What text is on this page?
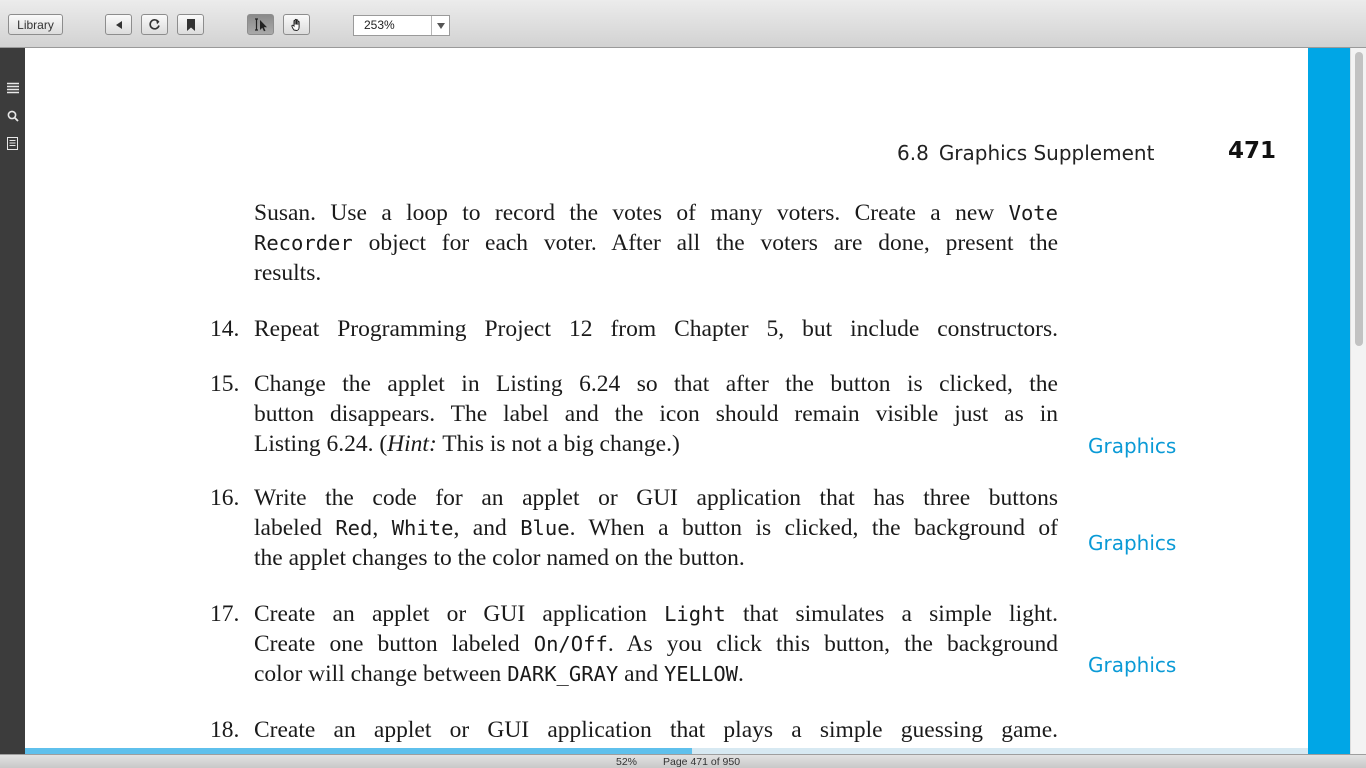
Library	253%
6.8 Graphics Supplement	471
Susan. Use a loop to record the votes of many voters. Create a new Vote
Recorder object for each voter. After all the voters are done, present the
results.
14. Repeat Programming Project 12 from Chapter 5, but include constructors.
15. Change the applet in Listing 6.24 so that after the button is clicked, the
button disappears. The label and the icon should remain visible just as in
Listing 6.24. (Hint: This is not a big change.)	Graphics
16. Write the code for an applet or GUI application that has three buttons
labeled Red, White, and Blue. When a button is clicked, the background of
the applet changes to the color named on the button.
Graphics
17. Create an applet or GUI application Light that simulates a simple light.
Create one button labeled On/Off. As you click this button, the background
color will change between DARK_GRAY and YELLOW.	Graphics
18. Create an applet or GUI application that plays a simple guessing game.
52% Page 471 of 950
